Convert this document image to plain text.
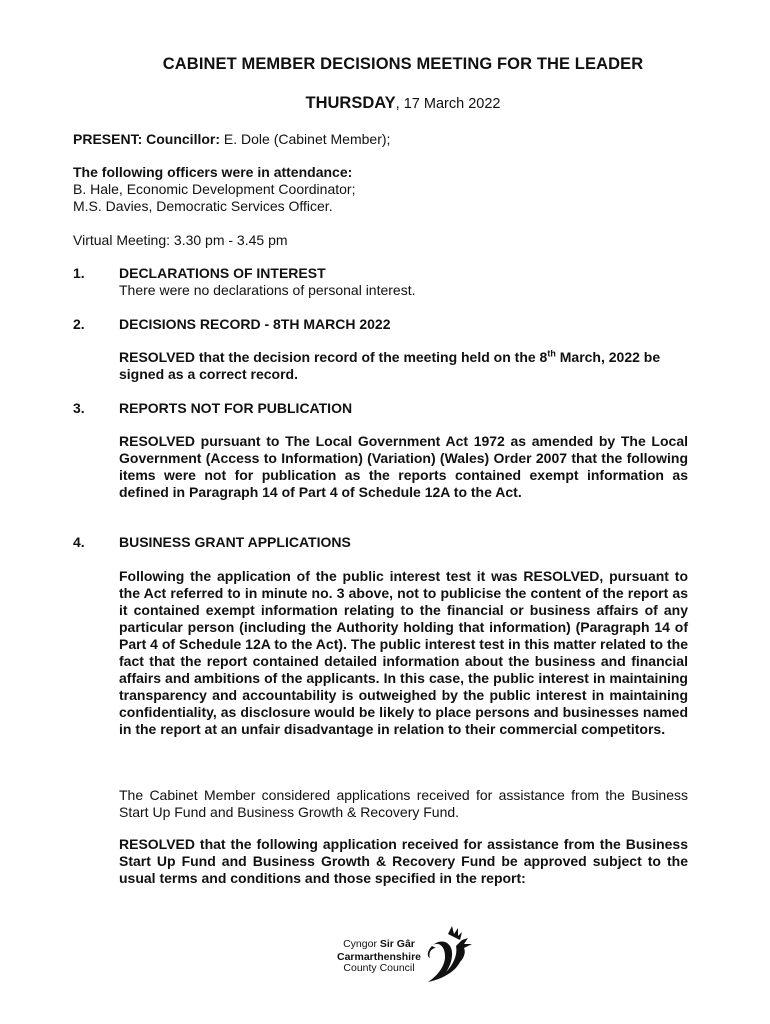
CABINET MEMBER DECISIONS MEETING FOR THE LEADER
THURSDAY, 17 March 2022
PRESENT: Councillor: E. Dole (Cabinet Member);
The following officers were in attendance:
B. Hale, Economic Development Coordinator;
M.S. Davies, Democratic Services Officer.
Virtual Meeting: 3.30 pm - 3.45 pm
1. DECLARATIONS OF INTEREST
There were no declarations of personal interest.
2. DECISIONS RECORD - 8TH MARCH 2022
RESOLVED that the decision record of the meeting held on the 8th March, 2022 be signed as a correct record.
3. REPORTS NOT FOR PUBLICATION
RESOLVED pursuant to The Local Government Act 1972 as amended by The Local Government (Access to Information) (Variation) (Wales) Order 2007 that the following items were not for publication as the reports contained exempt information as defined in Paragraph 14 of Part 4 of Schedule 12A to the Act.
4. BUSINESS GRANT APPLICATIONS
Following the application of the public interest test it was RESOLVED, pursuant to the Act referred to in minute no. 3 above, not to publicise the content of the report as it contained exempt information relating to the financial or business affairs of any particular person (including the Authority holding that information) (Paragraph 14 of Part 4 of Schedule 12A to the Act). The public interest test in this matter related to the fact that the report contained detailed information about the business and financial affairs and ambitions of the applicants. In this case, the public interest in maintaining transparency and accountability is outweighed by the public interest in maintaining confidentiality, as disclosure would be likely to place persons and businesses named in the report at an unfair disadvantage in relation to their commercial competitors.
The Cabinet Member considered applications received for assistance from the Business Start Up Fund and Business Growth & Recovery Fund.
RESOLVED that the following application received for assistance from the Business Start Up Fund and Business Growth & Recovery Fund be approved subject to the usual terms and conditions and those specified in the report:
Cyngor Sir Gâr
Carmarthenshire
County Council
